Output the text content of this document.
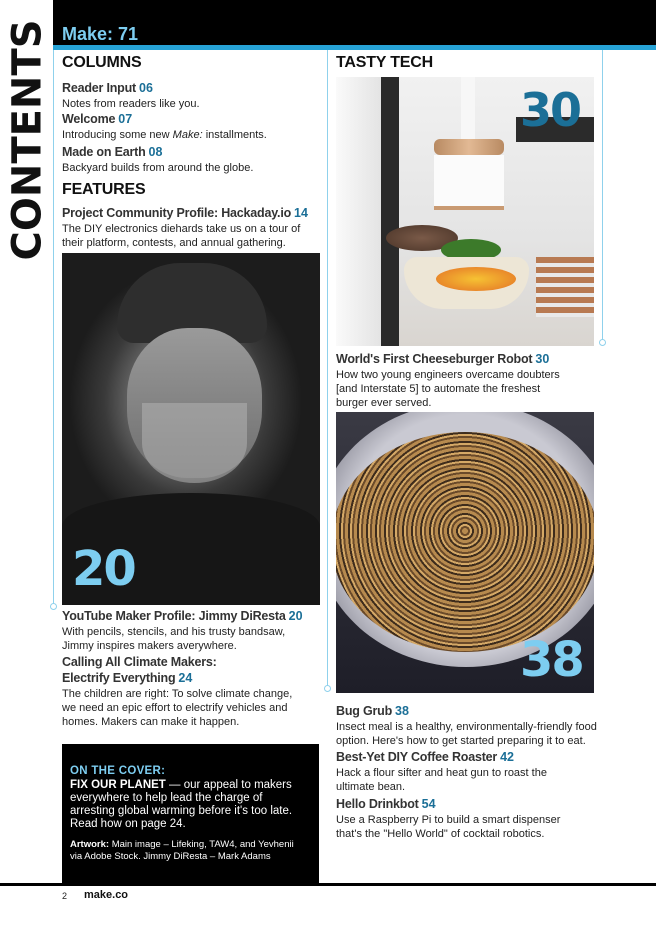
CONTENTS Make: 71
COLUMNS
Reader Input 06
Notes from readers like you.
Welcome 07
Introducing some new Make: installments.
Made on Earth 08
Backyard builds from around the globe.
FEATURES
Project Community Profile: Hackaday.io 14
The DIY electronics diehards take us on a tour of
their platform, contests, and annual gathering.
20
YouTube Maker Profile: Jimmy DiResta 20
With pencils, stencils, and his trusty bandsaw,
Jimmy inspires makers averywhere.
Calling All Climate Makers:
Electrify Everything 24
The children are right: To solve climate change,
we need an epic effort to electrify vehicles and
homes. Makers can make it happen.
ON THE COVER:
FIX OUR PLANET — our appeal to makers
everywhere to help lead the charge of
arresting global warming before it's too late.
Read how on page 24.
Artwork: Main image – Lifeking, TAW4, and Yevhenii
via Adobe Stock. Jimmy DiResta – Mark Adams
TASTY TECH
30
World's First Cheeseburger Robot 30
How two young engineers overcame doubters
[and Interstate 5] to automate the freshest
burger ever served.
38
Bug Grub 38
Insect meal is a healthy, environmentally-friendly food
option. Here's how to get started preparing it to eat.
Best-Yet DIY Coffee Roaster 42
Hack a flour sifter and heat gun to roast the
ultimate bean.
Hello Drinkbot 54
Use a Raspberry Pi to build a smart dispenser
that's the "Hello World" of cocktail robotics.
2 make.co
